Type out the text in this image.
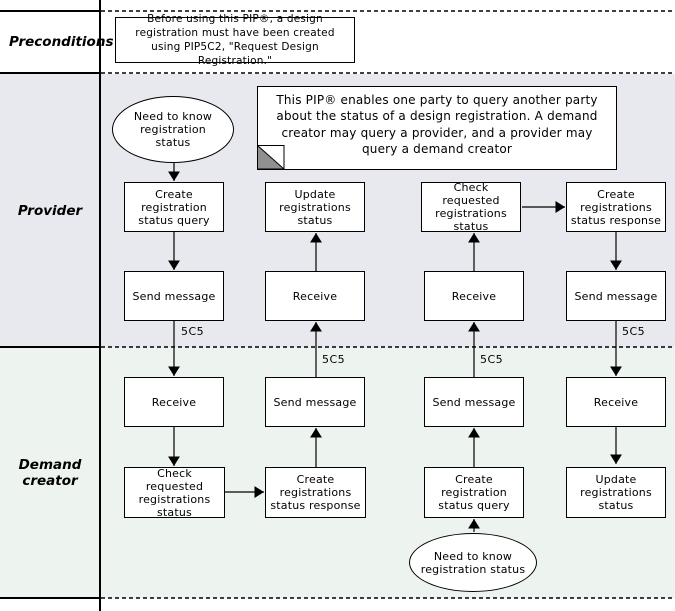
Preconditions
Provider
Demand creator
Before using this PIP®, a design registration must have been created using PIP5C2, "Request Design Registration."
This PIP® enables one party to query another party about the status of a design registration. A demand creator may query a provider, and a provider may query a demand creator
Need to know registration status
Need to know registration status
Create registration status query
Update registrations status
Check requested registrations status
Create registrations status response
Send message	Receive	Receive	Send message
Receive	Send message	Send message	Receive
Check requested registrations status
Create registrations status response
Create registration status query
Update registrations status
5C5
5C5	5C5
5C5
